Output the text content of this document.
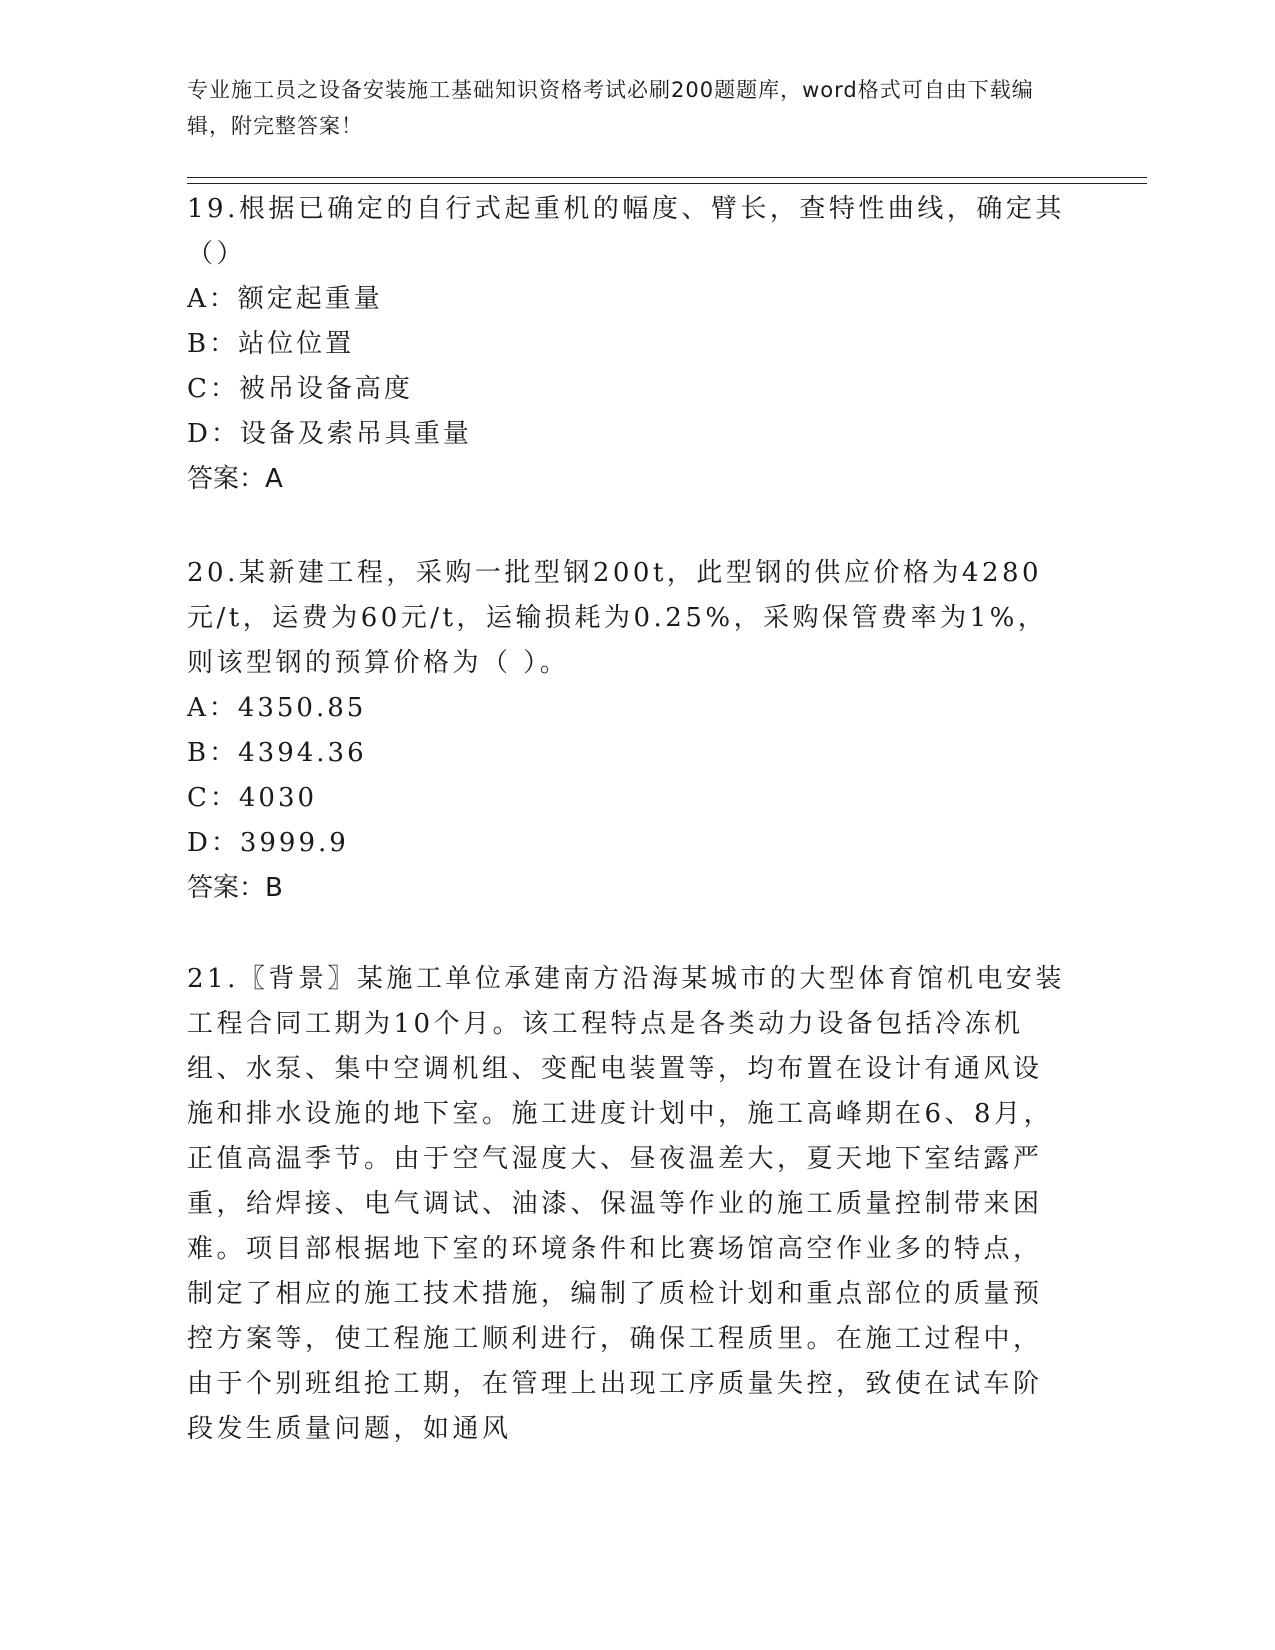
专业施工员之设备安装施工基础知识资格考试必刷200题题库，word格式可自由下载编辑，附完整答案！

19.根据已确定的自行式起重机的幅度、臂长，查特性曲线，确定其（）

A：额定起重量

B：站位位置

C：被吊设备高度

D：设备及索吊具重量

答案：A

20.某新建工程，采购一批型钢200t，此型钢的供应价格为4280元/t，运费为60元/t，运输损耗为0.25%，采购保管费率为1%，则该型钢的预算价格为（ ）。

A：4350.85

B：4394.36

C：4030

D：3999.9

答案：B

21.〖背景〗某施工单位承建南方沿海某城市的大型体育馆机电安装工程合同工期为10个月。该工程特点是各类动力设备包括冷冻机组、水泵、集中空调机组、变配电装置等，均布置在设计有通风设施和排水设施的地下室。施工进度计划中，施工高峰期在6、8月，正值高温季节。由于空气湿度大、昼夜温差大，夏天地下室结露严重，给焊接、电气调试、油漆、保温等作业的施工质量控制带来困难。项目部根据地下室的环境条件和比赛场馆高空作业多的特点，制定了相应的施工技术措施，编制了质检计划和重点部位的质量预控方案等，使工程施工顺利进行，确保工程质里。在施工过程中，由于个别班组抢工期，在管理上出现工序质量失控，致使在试车阶段发生质量问题，如通风
